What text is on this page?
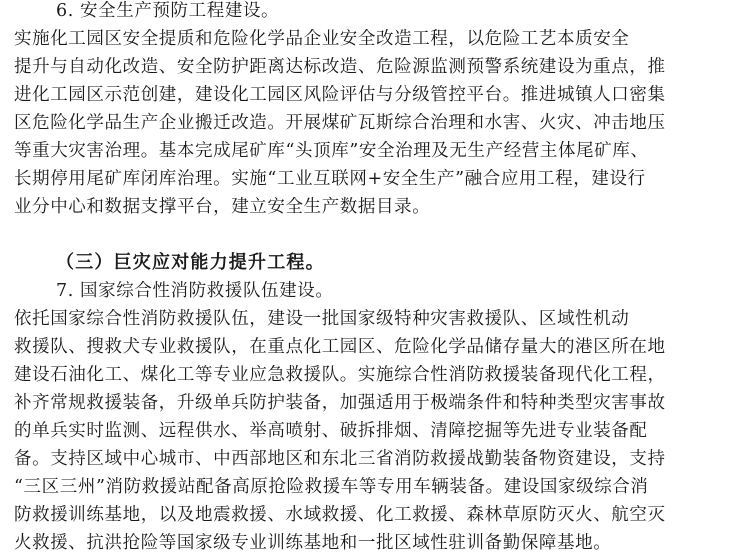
6. 安全生产预防工程建设。
实施化工园区安全提质和危险化学品企业安全改造工程，以危险工艺本质安全
提升与自动化改造、安全防护距离达标改造、危险源监测预警系统建设为重点，推
进化工园区示范创建，建设化工园区风险评估与分级管控平台。推进城镇人口密集
区危险化学品生产企业搬迁改造。开展煤矿瓦斯综合治理和水害、火灾、冲击地压
等重大灾害治理。基本完成尾矿库“头顶库”安全治理及无生产经营主体尾矿库、
长期停用尾矿库闭库治理。实施“工业互联网+安全生产”融合应用工程，建设行
业分中心和数据支撑平台，建立安全生产数据目录。
（三）巨灾应对能力提升工程。
7. 国家综合性消防救援队伍建设。
依托国家综合性消防救援队伍，建设一批国家级特种灾害救援队、区域性机动
救援队、搜救犬专业救援队，在重点化工园区、危险化学品储存量大的港区所在地
建设石油化工、煤化工等专业应急救援队。实施综合性消防救援装备现代化工程，
补齐常规救援装备，升级单兵防护装备，加强适用于极端条件和特种类型灾害事故
的单兵实时监测、远程供水、举高喷射、破拆排烟、清障挖掘等先进专业装备配
备。支持区域中心城市、中西部地区和东北三省消防救援战勤装备物资建设，支持
“三区三州”消防救援站配备高原抢险救援车等专用车辆装备。建设国家级综合消
防救援训练基地，以及地震救援、水域救援、化工救援、森林草原防灭火、航空灭
火救援、抗洪抢险等国家级专业训练基地和一批区域性驻训备勤保障基地。
